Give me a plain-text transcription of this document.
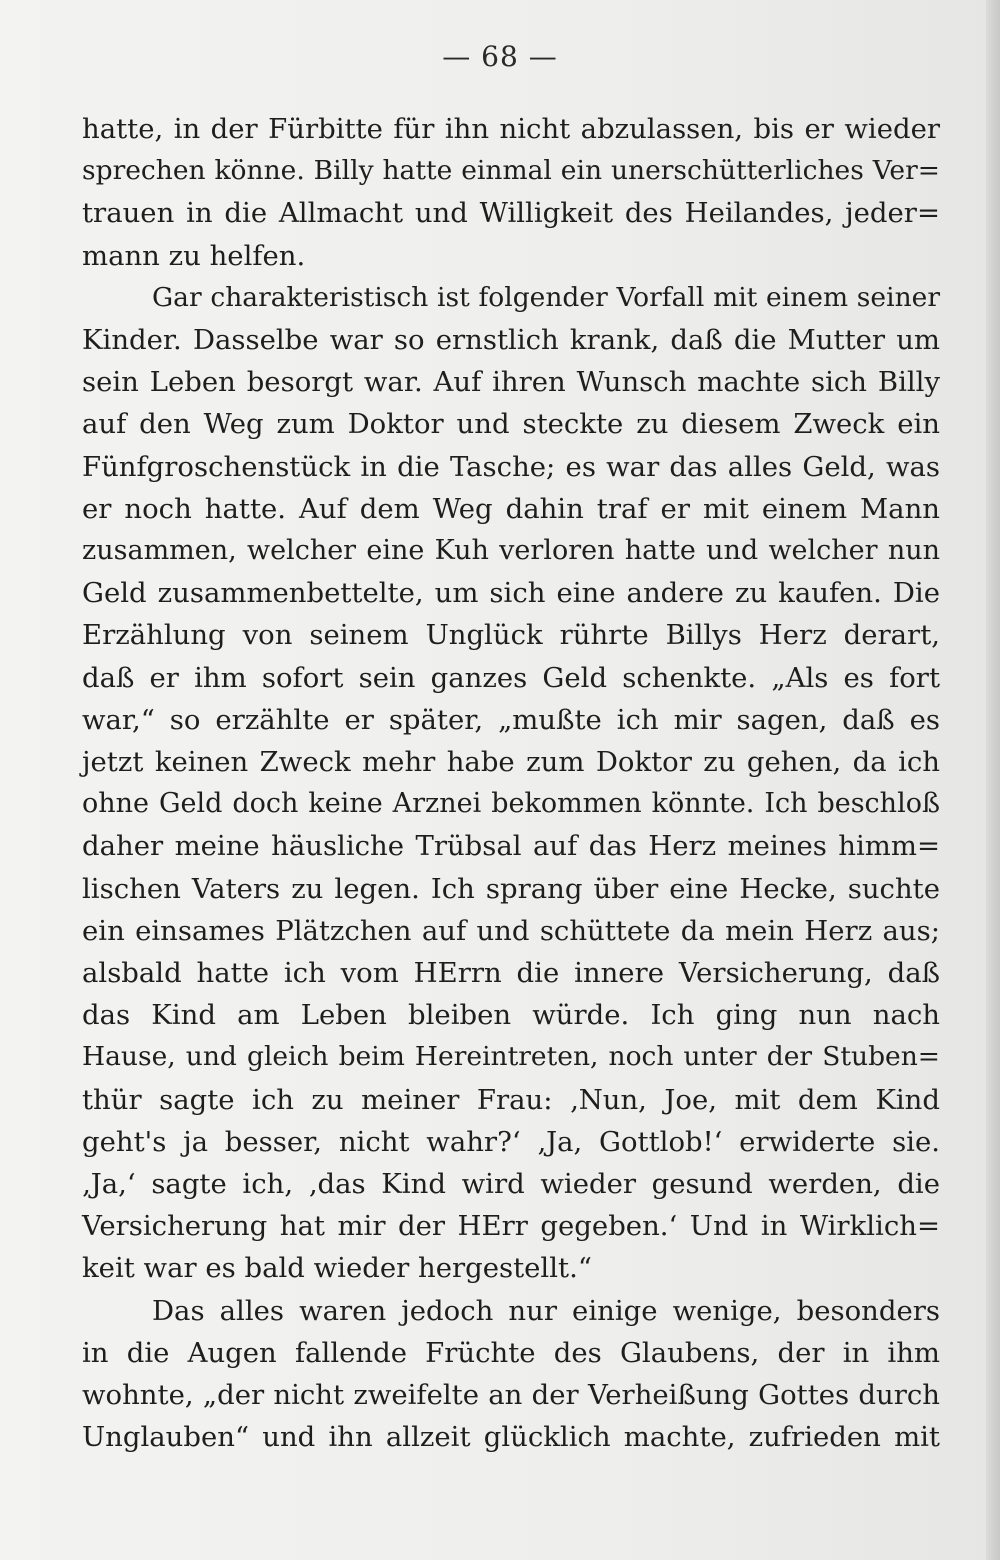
— 68 —
hatte, in der Fürbitte für ihn nicht abzulassen, bis er wieder
sprechen könne. Billy hatte einmal ein unerschütterliches Ver=
trauen in die Allmacht und Willigkeit des Heilandes, jeder=
mann zu helfen.
Gar charakteristisch ist folgender Vorfall mit einem seiner
Kinder. Dasselbe war so ernstlich krank, daß die Mutter um
sein Leben besorgt war. Auf ihren Wunsch machte sich Billy
auf den Weg zum Doktor und steckte zu diesem Zweck ein
Fünfgroschenstück in die Tasche; es war das alles Geld, was
er noch hatte. Auf dem Weg dahin traf er mit einem Mann
zusammen, welcher eine Kuh verloren hatte und welcher nun
Geld zusammenbettelte, um sich eine andere zu kaufen. Die
Erzählung von seinem Unglück rührte Billys Herz derart,
daß er ihm sofort sein ganzes Geld schenkte. „Als es fort
war,“ so erzählte er später, „mußte ich mir sagen, daß es
jetzt keinen Zweck mehr habe zum Doktor zu gehen, da ich
ohne Geld doch keine Arznei bekommen könnte. Ich beschloß
daher meine häusliche Trübsal auf das Herz meines himm=
lischen Vaters zu legen. Ich sprang über eine Hecke, suchte
ein einsames Plätzchen auf und schüttete da mein Herz aus;
alsbald hatte ich vom HErrn die innere Versicherung, daß
das Kind am Leben bleiben würde. Ich ging nun nach
Hause, und gleich beim Hereintreten, noch unter der Stuben=
thür sagte ich zu meiner Frau: ‚Nun, Joe, mit dem Kind
geht's ja besser, nicht wahr?‘ ‚Ja, Gottlob!‘ erwiderte sie.
‚Ja,‘ sagte ich, ‚das Kind wird wieder gesund werden, die
Versicherung hat mir der HErr gegeben.‘ Und in Wirklich=
keit war es bald wieder hergestellt.“
Das alles waren jedoch nur einige wenige, besonders
in die Augen fallende Früchte des Glaubens, der in ihm
wohnte, „der nicht zweifelte an der Verheißung Gottes durch
Unglauben“ und ihn allzeit glücklich machte, zufrieden mit
